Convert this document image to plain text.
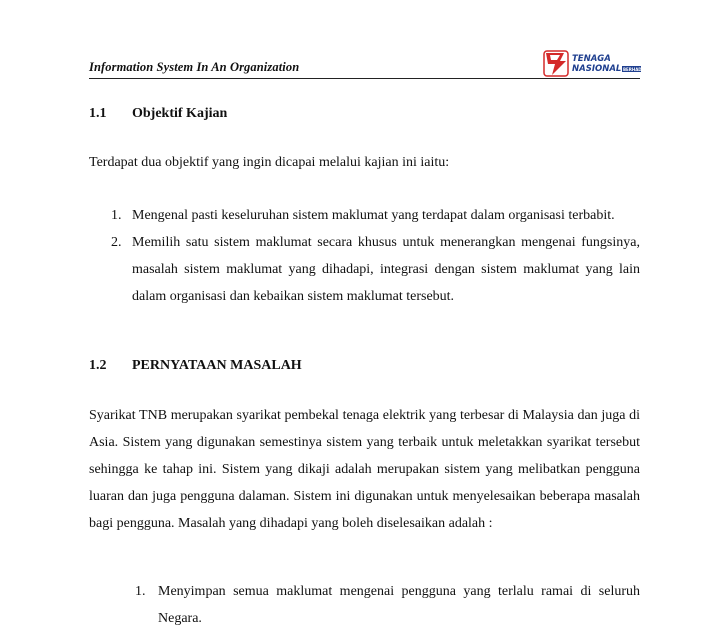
Information System In An Organization
TENAGA
NASIONAL BERHAD
1.1 Objektif Kajian
Terdapat dua objektif yang ingin dicapai melalui kajian ini iaitu:
1. Mengenal pasti keseluruhan sistem maklumat yang terdapat dalam organisasi terbabit.
2. Memilih satu sistem maklumat secara khusus untuk menerangkan mengenai fungsinya, masalah sistem maklumat yang dihadapi, integrasi dengan sistem maklumat yang lain dalam organisasi dan kebaikan sistem maklumat tersebut.
1.2 PERNYATAAN MASALAH
Syarikat TNB merupakan syarikat pembekal tenaga elektrik yang terbesar di Malaysia dan juga di Asia. Sistem yang digunakan semestinya sistem yang terbaik untuk meletakkan syarikat tersebut sehingga ke tahap ini. Sistem yang dikaji adalah merupakan sistem yang melibatkan pengguna luaran dan juga pengguna dalaman. Sistem ini digunakan untuk menyelesaikan beberapa masalah bagi pengguna. Masalah yang dihadapi yang boleh diselesaikan adalah :
1. Menyimpan semua maklumat mengenai pengguna yang terlalu ramai di seluruh Negara.
